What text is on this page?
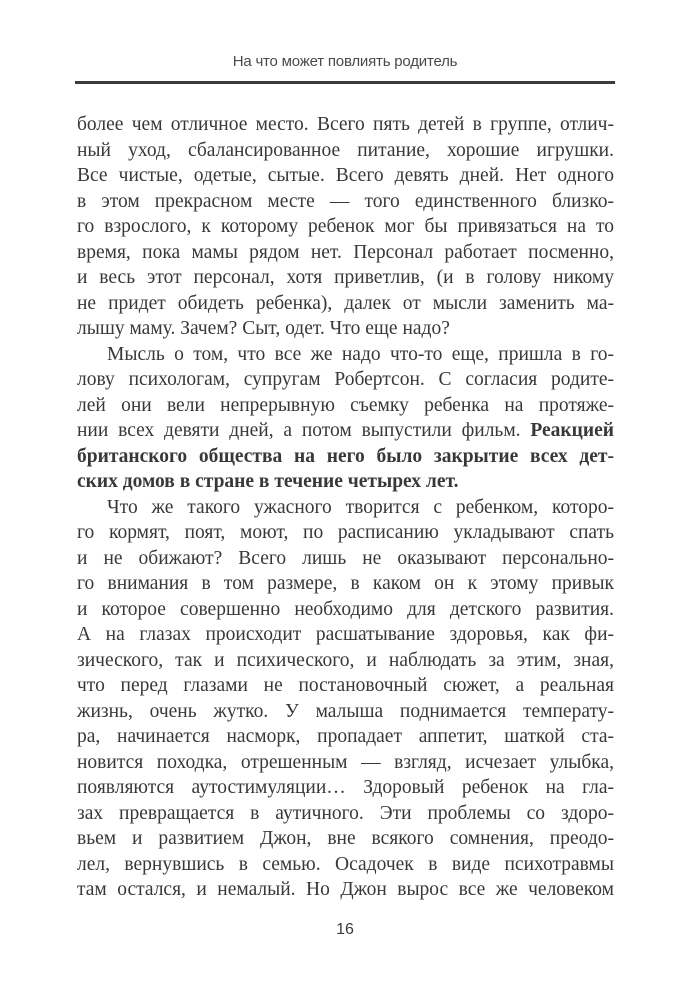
На что может повлиять родитель
более чем отличное место. Всего пять детей в группе, отлич-
ный уход, сбалансированное питание, хорошие игрушки.
Все чистые, одетые, сытые. Всего девять дней. Нет одного
в этом прекрасном месте — того единственного близко-
го взрослого, к которому ребенок мог бы привязаться на то
время, пока мамы рядом нет. Персонал работает посменно,
и весь этот персонал, хотя приветлив, (и в голову никому
не придет обидеть ребенка), далек от мысли заменить ма-
лышу маму. Зачем? Сыт, одет. Что еще надо?
Мысль о том, что все же надо что-то еще, пришла в го-
лову психологам, супругам Робертсон. С согласия родите-
лей они вели непрерывную съемку ребенка на протяже-
нии всех девяти дней, а потом выпустили фильм. Реакцией
британского общества на него было закрытие всех дет-
ских домов в стране в течение четырех лет.
Что же такого ужасного творится с ребенком, которо-
го кормят, поят, моют, по расписанию укладывают спать
и не обижают? Всего лишь не оказывают персонально-
го внимания в том размере, в каком он к этому привык
и которое совершенно необходимо для детского развития.
А на глазах происходит расшатывание здоровья, как фи-
зического, так и психического, и наблюдать за этим, зная,
что перед глазами не постановочный сюжет, а реальная
жизнь, очень жутко. У малыша поднимается температу-
ра, начинается насморк, пропадает аппетит, шаткой ста-
новится походка, отрешенным — взгляд, исчезает улыбка,
появляются аутостимуляции… Здоровый ребенок на гла-
зах превращается в аутичного. Эти проблемы со здоро-
вьем и развитием Джон, вне всякого сомнения, преодо-
лел, вернувшись в семью. Осадочек в виде психотравмы
там остался, и немалый. Но Джон вырос все же человеком
16
